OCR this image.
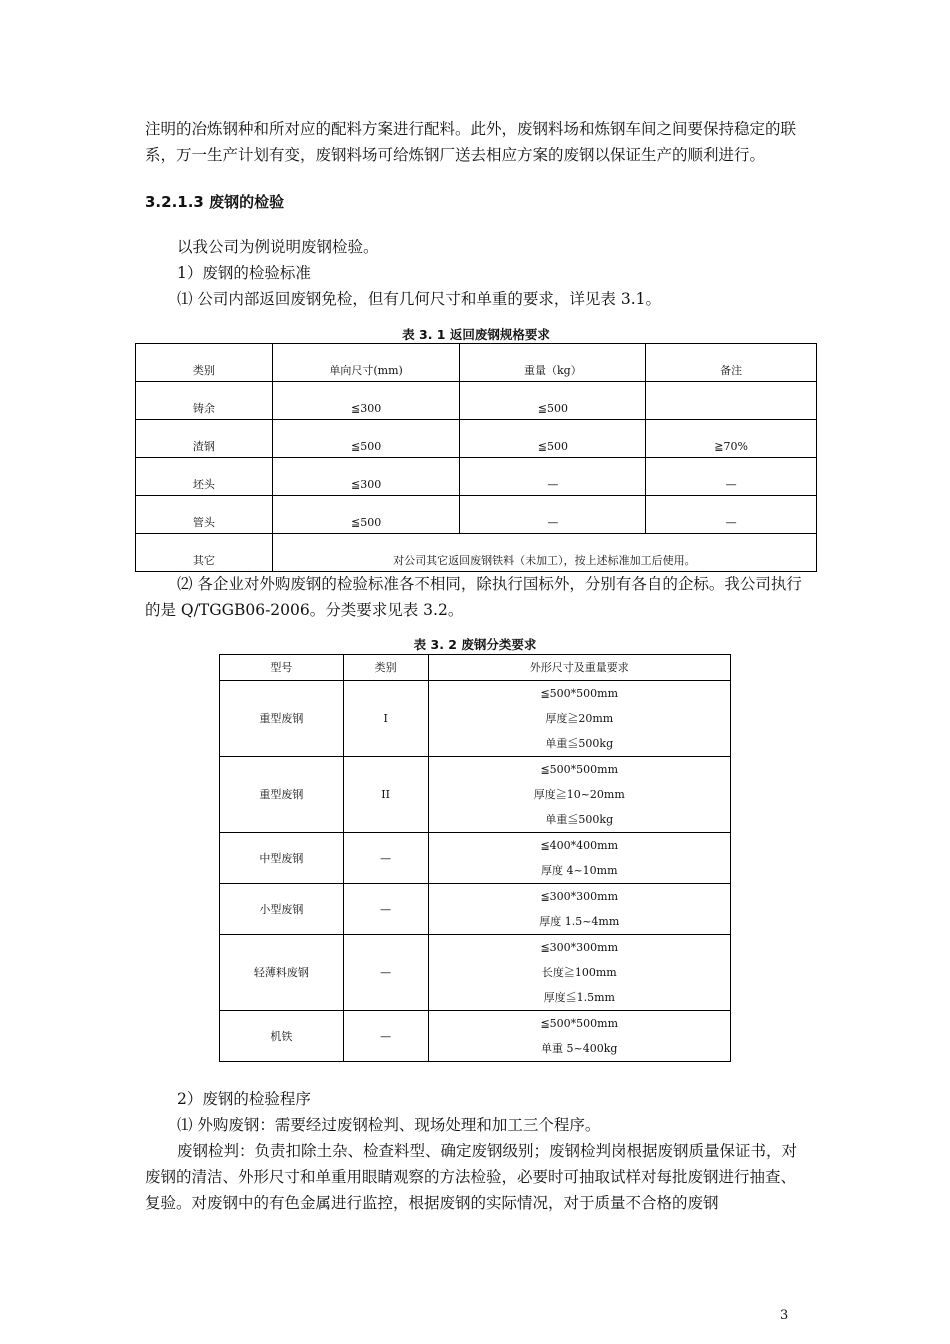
注明的冶炼钢种和所对应的配料方案进行配料。此外，废钢料场和炼钢车间之间要保持稳定的联系，万一生产计划有变，废钢料场可给炼钢厂送去相应方案的废钢以保证生产的顺利进行。

3.2.1.3 废钢的检验

以我公司为例说明废钢检验。

1）废钢的检验标准

⑴ 公司内部返回废钢免检，但有几何尺寸和单重的要求，详见表 3.1。

表 3. 1 返回废钢规格要求
类别	单向尺寸(mm)	重量（kg）	备注

铸余	≦300	≦500	

渣钢	≦500	≦500	≧70%

坯头	≦300	—	—

管头	≦500	—	—

其它	对公司其它返回废钢铁料（未加工），按上述标准加工后使用。		

⑵ 各企业对外购废钢的检验标准各不相同，除执行国标外，分别有各自的企标。我公司执行的是 Q/TGGB06-2006。分类要求见表 3.2。

表 3. 2 废钢分类要求
型号	类别	外形尺寸及重量要求
重型废钢	I	≦500*500mm
厚度≧20mm
单重≦500kg

重型废钢	II	≦500*500mm
厚度≧10~20mm
单重≦500kg

中型废钢	—	≦400*400mm
厚度 4~10mm

小型废钢	—	≦300*300mm
厚度 1.5~4mm

轻薄料废钢	—	≦300*300mm
长度≧100mm
厚度≦1.5mm

机铁	—	≦500*500mm
单重 5~400kg

2）废钢的检验程序

⑴ 外购废钢：需要经过废钢检判、现场处理和加工三个程序。

废钢检判：负责扣除土杂、检查料型、确定废钢级别；废钢检判岗根据废钢质量保证书，对废钢的清洁、外形尺寸和单重用眼睛观察的方法检验，必要时可抽取试样对每批废钢进行抽查、复验。对废钢中的有色金属进行监控，根据废钢的实际情况，对于质量不合格的废钢

3
